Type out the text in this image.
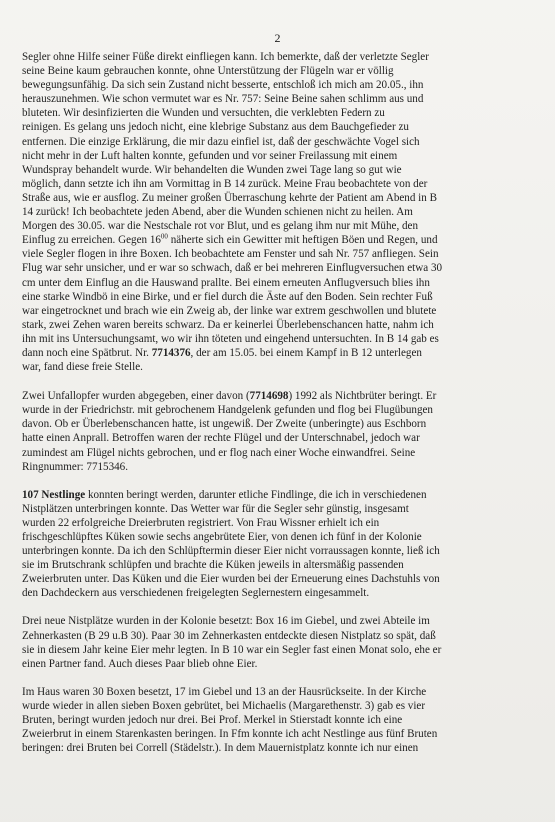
2

Segler ohne Hilfe seiner Füße direkt einfliegen kann. Ich bemerkte, daß der verletzte Segler
seine Beine kaum gebrauchen konnte, ohne Unterstützung der Flügeln war er völlig
bewegungsunfähig. Da sich sein Zustand nicht besserte, entschloß ich mich am 20.05., ihn
herauszunehmen. Wie schon vermutet war es Nr. 757: Seine Beine sahen schlimm aus und
bluteten. Wir desinfizierten die Wunden und versuchten, die verklebten Federn zu
reinigen. Es gelang uns jedoch nicht, eine klebrige Substanz aus dem Bauchgefieder zu
entfernen. Die einzige Erklärung, die mir dazu einfiel ist, daß der geschwächte Vogel sich
nicht mehr in der Luft halten konnte, gefunden und vor seiner Freilassung mit einem
Wundspray behandelt wurde. Wir behandelten die Wunden zwei Tage lang so gut wie
möglich, dann setzte ich ihn am Vormittag in B 14 zurück. Meine Frau beobachtete von der
Straße aus, wie er ausflog. Zu meiner großen Überraschung kehrte der Patient am Abend in B
14 zurück! Ich beobachtete jeden Abend, aber die Wunden schienen nicht zu heilen. Am
Morgen des 30.05. war die Nestschale rot vor Blut, und es gelang ihm nur mit Mühe, den
Einflug zu erreichen. Gegen $16^{00}$ näherte sich ein Gewitter mit heftigen Böen und Regen, und
viele Segler flogen in ihre Boxen. Ich beobachtete am Fenster und sah Nr. 757 anfliegen. Sein
Flug war sehr unsicher, und er war so schwach, daß er bei mehreren Einflugversuchen etwa 30
cm unter dem Einflug an die Hauswand prallte. Bei einem erneuten Anflugversuch blies ihn
eine starke Windbö in eine Birke, und er fiel durch die Äste auf den Boden. Sein rechter Fuß
war eingetrocknet und brach wie ein Zweig ab, der linke war extrem geschwollen und blutete
stark, zwei Zehen waren bereits schwarz. Da er keinerlei Überlebenschancen hatte, nahm ich
ihn mit ins Untersuchungsamt, wo wir ihn töteten und eingehend untersuchten. In B 14 gab es
dann noch eine Spätbrut. Nr. 7714376, der am 15.05. bei einem Kampf in B 12 unterlegen
war, fand diese freie Stelle.

Zwei Unfallopfer wurden abgegeben, einer davon (7714698) 1992 als Nichtbrüter beringt. Er
wurde in der Friedrichstr. mit gebrochenem Handgelenk gefunden und flog bei Flugübungen
davon. Ob er Überlebenschancen hatte, ist ungewiß. Der Zweite (unberingte) aus Eschborn
hatte einen Anprall. Betroffen waren der rechte Flügel und der Unterschnabel, jedoch war
zumindest am Flügel nichts gebrochen, und er flog nach einer Woche einwandfrei. Seine
Ringnummer: 7715346.

107 Nestlinge konnten beringt werden, darunter etliche Findlinge, die ich in verschiedenen
Nistplätzen unterbringen konnte. Das Wetter war für die Segler sehr günstig, insgesamt
wurden 22 erfolgreiche Dreierbruten registriert. Von Frau Wissner erhielt ich ein
frischgeschlüpftes Küken sowie sechs angebrütete Eier, von denen ich fünf in der Kolonie
unterbringen konnte. Da ich den Schlüpftermin dieser Eier nicht vorraussagen konnte, ließ ich
sie im Brutschrank schlüpfen und brachte die Küken jeweils in altersmäßig passenden
Zweierbruten unter. Das Küken und die Eier wurden bei der Erneuerung eines Dachstuhls von
den Dachdeckern aus verschiedenen freigelegten Seglernestern eingesammelt.

Drei neue Nistplätze wurden in der Kolonie besetzt: Box 16 im Giebel, und zwei Abteile im
Zehnerkasten (B 29 u.B 30). Paar 30 im Zehnerkasten entdeckte diesen Nistplatz so spät, daß
sie in diesem Jahr keine Eier mehr legten. In B 10 war ein Segler fast einen Monat solo, ehe er
einen Partner fand. Auch dieses Paar blieb ohne Eier.

Im Haus waren 30 Boxen besetzt, 17 im Giebel und 13 an der Hausrückseite. In der Kirche
wurde wieder in allen sieben Boxen gebrütet, bei Michaelis (Margarethenstr. 3) gab es vier
Bruten, beringt wurden jedoch nur drei. Bei Prof. Merkel in Stierstadt konnte ich eine
Zweierbrut in einem Starenkasten beringen. In Ffm konnte ich acht Nestlinge aus fünf Bruten
beringen: drei Bruten bei Correll (Städelstr.). In dem Mauernistplatz konnte ich nur einen
